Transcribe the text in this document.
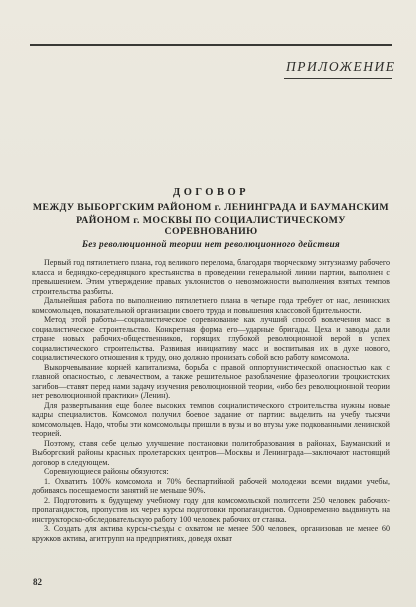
ПРИЛОЖЕНИЕ
ДОГОВОР
МЕЖДУ ВЫБОРГСКИМ РАЙОНОМ г. ЛЕНИНГРАДА И БАУМАНСКИМ
РАЙОНОМ г. МОСКВЫ ПО СОЦИАЛИСТИЧЕСКОМУ СОРЕВНОВАНИЮ
Без революционной теории нет революционного действия

Первый год пятилетнего плана, год великого перелома, благодаря творческому энтузиазму рабочего класса и беднядко-середняцкого крестьянства в проведении генеральной линии партии, выполнен с превышением. Этим утверждение правых уклонистов о невозможности выполнения взятых темпов строительства разбиты.

Дальнейшая работа по выполнению пятилетнего плана в четыре года требует от нас, ленинских комсомольцев, показательной организации своего труда и повышения классовой бдительности.

Метод этой работы—социалистическое соревнование как лучший способ вовлечения масс в социалистическое строительство. Конкретная форма его—ударные бригады. Цеха и заводы дали стране новых рабочих-общественников, горящих глубокой революционной верой в успех социалистического строительства. Развивая инициативу масс и воспитывая их в духе нового, социалистического отношения к труду, оно должно пронизать собой всю работу комсомола.

Выкорчевывание корней капитализма, борьба с правой оппортунистической опасностью как с главной опасностью, с левачеством, а также решительное разоблачение фразеологии троцкистских загибов—ставят перед нами задачу изучения революционной теории, «ибо без революционной теории нет революционной практики» (Ленин).

Для развертывания еще более высоких темпов социалистического строительства нужны новые кадры специалистов. Комсомол получил боевое задание от партии: выделить на учебу тысячи комсомольцев. Надо, чтобы эти комсомольцы пришли в вузы и во втузы уже подкованными ленинской теорией.

Поэтому, ставя себе целью улучшение постановки политобразования в районах, Бауманский и Выборгский районы красных пролетарских центров—Москвы и Ленинграда—заключают настоящий договор в следующем.

Соревнующиеся районы обязуются:

1. Охватить 100% комсомола и 70% беспартийной рабочей молодежи всеми видами учебы, добиваясь посещаемости занятий не меньше 90%.

2. Подготовить к будущему учебному году для комсомольской политсети 250 человек рабочих-пропагандистов, пропустив их через курсы подготовки пропагандистов. Одновременно выдвинуть на инструкторско-обследовательскую работу 100 человек рабочих от станка.

3. Создать для актива курсы-съезды с охватом не менее 500 человек, организовав не менее 60 кружков актива, агитгрупп на предприятиях, доведя охват

82
